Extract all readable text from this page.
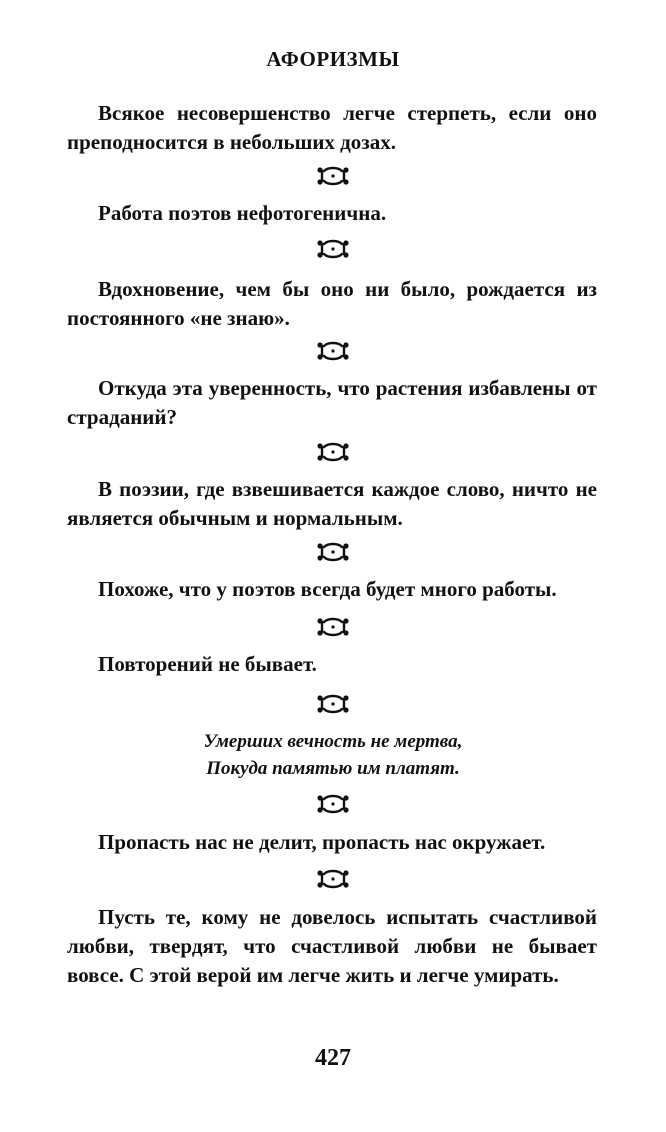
АФОРИЗМЫ

Всякое несовершенство легче стерпеть, если оно преподносится в небольших дозах.

Работа поэтов нефотогенична.

Вдохновение, чем бы оно ни было, рождается из постоянного «не знаю».

Откуда эта уверенность, что растения избавлены от страданий?

В поэзии, где взвешивается каждое слово, ничто не является обычным и нормальным.

Похоже, что у поэтов всегда будет много работы.

Повторений не бывает.

Умерших вечность не мертва,
Покуда памятью им платят.

Пропасть нас не делит, пропасть нас окружает.

Пусть те, кому не довелось испытать счастливой любви, твердят, что счастливой любви не бывает вовсе. С этой верой им легче жить и легче умирать.

427
